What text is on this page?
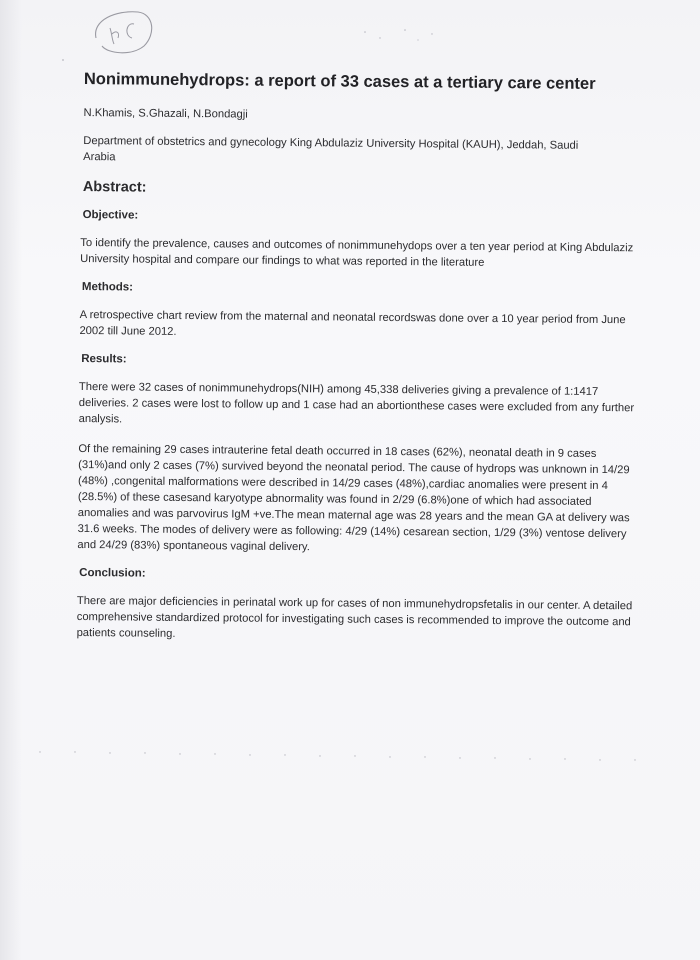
Nonimmunehydrops: a report of 33 cases at a tertiary care center
N.Khamis, S.Ghazali, N.Bondagji
Department of obstetrics and gynecology King Abdulaziz University Hospital (KAUH), Jeddah, Saudi Arabia
Abstract:
Objective:
To identify the prevalence, causes and outcomes of nonimmunehydops over a ten year period at King Abdulaziz University hospital and compare our findings to what was reported in the literature
Methods:
A retrospective chart review from the maternal and neonatal recordswas done over a 10 year period from June 2002 till June 2012.
Results:
There were 32 cases of nonimmunehydrops(NIH) among 45,338 deliveries giving a prevalence of 1:1417 deliveries. 2 cases were lost to follow up and 1 case had an abortionthese cases were excluded from any further analysis.
Of the remaining 29 cases intrauterine fetal death occurred in 18 cases (62%), neonatal death in 9 cases (31%)and only 2 cases (7%) survived beyond the neonatal period. The cause of hydrops was unknown in 14/29 (48%) ,congenital malformations were described in 14/29 cases (48%),cardiac anomalies were present in 4 (28.5%) of these casesand karyotype abnormality was found in 2/29 (6.8%)one of which had associated anomalies and was parvovirus IgM +ve.The mean maternal age was 28 years and the mean GA at delivery was 31.6 weeks. The modes of delivery were as following: 4/29 (14%) cesarean section, 1/29 (3%) ventose delivery and 24/29 (83%) spontaneous vaginal delivery.
Conclusion:
There are major deficiencies in perinatal work up for cases of non immunehydropsfetalis in our center. A detailed comprehensive standardized protocol for investigating such cases is recommended to improve the outcome and patients counseling.
